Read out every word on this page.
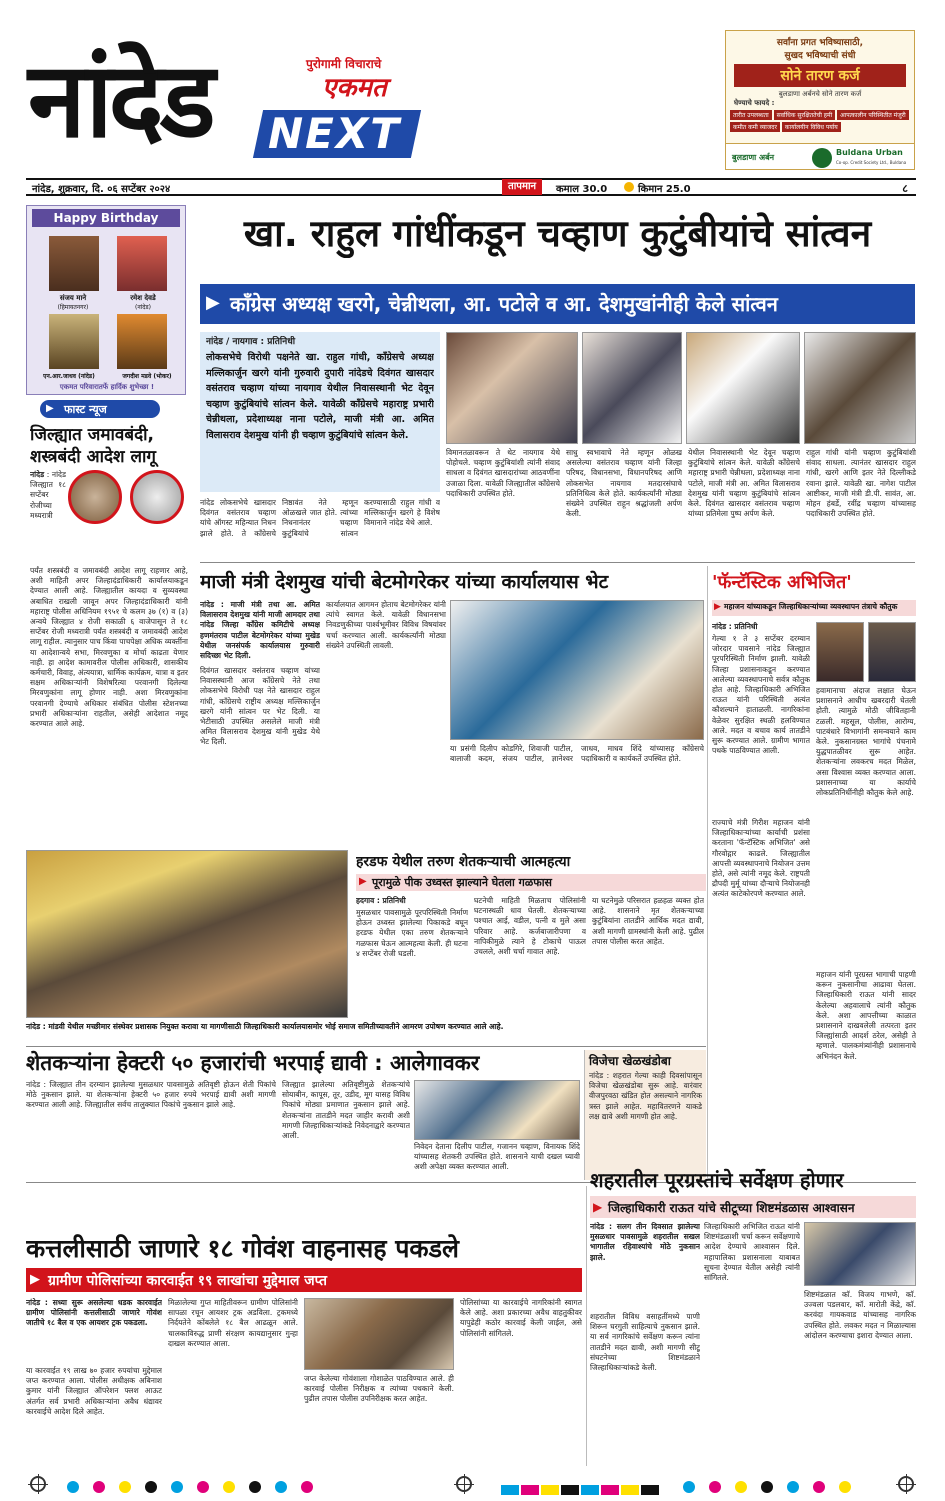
नांदेड	पुरोगामी विचाराचे
एकमत
NEXT
सर्वांना प्रगत भविष्यासाठी,
सुखद भविष्याची संधी
सोने तारण कर्ज
बुलडाणा अर्बनचे सोने तारण कर्ज
घेण्याचे फायदे :
तारीत उपलब्धता	सर्वाधिक सुरक्षिततेची हमी	आपत्कालीन परिस्थितीत मंजुरी
कमीत कमी व्याजदर	कार्यालयीन विविध पर्याय
बुलडाणा अर्बन
Buldana Urban
Co-op. Credit Society Ltd., Buldana
नांदेड, शुक्रवार, दि. ०६ सप्टेंबर २०२४	तापमान	कमाल 30.0	किमान 25.0	८
Happy Birthday
संजय माने
(हिमायतनगर)
रमेश देवडे
(नांदेड)
एन.आर.जाधव (नांदेड)	जगदीश मडवे (भोकर)
एकमत परिवारातर्फे हार्दिक शुभेच्छा !
▶ फास्ट न्यूज
जिल्ह्यात जमावबंदी, शस्त्रबंदी आदेश लागू
नांदेड : नांदेड जिल्ह्यात १८ सप्टेंबर रोजीच्या मध्यरात्री
पर्यंत शस्त्रबंदी व जमावबंदी आदेश लागू राहणार आहे, अशी माहिती अपर जिल्हादंडाधिकारी कार्यालयाकडून देण्यात आली आहे. जिल्ह्यातील कायदा व सुव्यवस्था अबाधित राखली जावून अपर जिल्हादंडाधिकारी यांनी महाराष्ट्र पोलीस अधिनियम १९५१ चे कलम ३७ (१) व (३) अन्वये जिल्ह्यात ४ रोजी सकाळी ६ वाजेपासून ते १८ सप्टेंबर रोजी मध्यरात्री पर्यंत शस्त्रबंदी व जमावबंदी आदेश लागू राहील. त्यानुसार पाच किंवा पाचपेक्षा अधिक व्यक्तींना या आदेशान्वये सभा, मिरवणुका व मोर्चा काढता येणार नाही. हा आदेश कामावरील पोलीस अधिकारी, शासकीय कर्मचारी, विवाह, अंत्ययात्रा, धार्मिक कार्यक्रम, यात्रा व इतर सक्षम अधिकाऱ्यांनी विशेषरित्या परवानगी दिलेल्या मिरवणुकांना लागू होणार नाही. अशा मिरवणुकांना परवानगी देण्याचे अधिकार संबंधित पोलीस स्टेशनच्या प्रभारी अधिकाऱ्यांना राहतील, असेही आदेशात नमूद करण्यात आले आहे.
खा. राहुल गांधींकडून चव्हाण कुटुंबीयांचे सांत्वन
▶ काँग्रेस अध्यक्ष खरगे, चेन्नीथला, आ. पटोले व आ. देशमुखांनीही केले सांत्वन
नांदेड / नायगाव : प्रतिनिधी
लोकसभेचे विरोधी पक्षनेते खा. राहुल गांधी, काँग्रेसचे अध्यक्ष मल्लिकार्जुन खरगे यांनी गुरुवारी दुपारी नांदेडचे दिवंगत खासदार वसंतराव चव्हाण यांच्या नायगाव येथील निवासस्थानी भेट देवून चव्हाण कुटुंबियांचे सांत्वन केले. यावेळी काँग्रेसचे महाराष्ट्र प्रभारी चेन्नीथला, प्रदेशाध्यक्ष नाना पटोले, माजी मंत्री आ. अमित विलासराव देशमुख यांनी ही चव्हाण कुटुंबियांचे सांत्वन केले.
नांदेड लोकसभेचे खासदार दिवंगत वसंतराव चव्हाण यांचे ऑगस्ट महिन्यात निधन झाले होते. ते काँग्रेसचे निष्ठावंत नेते म्हणून ओळखले जात होते. त्यांच्या निधनानंतर चव्हाण कुटुंबियांचे सांत्वन करण्यासाठी राहुल गांधी व मल्लिकार्जुन खरगे हे विशेष विमानाने नांदेड येथे आले.
विमानतळावरून ते थेट नायगाव येथे पोहोचले. चव्हाण कुटुंबियांशी त्यांनी संवाद साधला व दिवंगत खासदारांच्या आठवणींना उजाळा दिला. यावेळी जिल्ह्यातील काँग्रेसचे पदाधिकारी उपस्थित होते.
साधु स्वभावाचे नेते म्हणून ओळख असलेल्या वसंतराव चव्हाण यांनी जिल्हा परिषद, विधानसभा, विधानपरिषद आणि लोकसभेत नायगाव मतदारसंघाचे प्रतिनिधित्व केले होते. कार्यकर्त्यांनी मोठ्या संख्येने उपस्थित राहून श्रद्धांजली अर्पण केली.
येथील निवासस्थानी भेट देवून चव्हाण कुटुंबियांचे सांत्वन केले. यावेळी काँग्रेसचे महाराष्ट्र प्रभारी चेन्नीथला, प्रदेशाध्यक्ष नाना पटोले, माजी मंत्री आ. अमित विलासराव देशमुख यांनी चव्हाण कुटुंबियांचे सांत्वन केले. दिवंगत खासदार वसंतराव चव्हाण यांच्या प्रतिमेला पुष्प अर्पण केले.
राहुल गांधी यांनी चव्हाण कुटुंबियांशी संवाद साधला. त्यानंतर खासदार राहुल गांधी, खरगे आणि इतर नेते दिल्लीकडे रवाना झाले. यावेळी खा. नागेश पाटील आष्टीकर, माजी मंत्री डी.पी. सावंत, आ. मोहन हंबर्डे, रवींद्र चव्हाण यांच्यासह पदाधिकारी उपस्थित होते.
माजी मंत्री देशमुख यांची बेटमोगरेकर यांच्या कार्यालयास भेट
नांदेड : माजी मंत्री तथा आ. अमित विलासराव देशमुख यांनी माजी आमदार तथा नांदेड जिल्हा काँग्रेस कमिटीचे अध्यक्ष हणमंतराव पाटील बेटमोगरेकर यांच्या मुखेड येथील जनसंपर्क कार्यालयास गुरुवारी सदिच्छा भेट दिली.
दिवंगत खासदार वसंतराव चव्हाण यांच्या निवासस्थानी आज काँग्रेसचे नेते तथा लोकसभेचे विरोधी पक्ष नेते खासदार राहुल गांधी, काँग्रेसचे राष्ट्रीय अध्यक्ष मल्लिकार्जुन खरगे यांनी सांत्वन पर भेट दिली. या भेटीसाठी उपस्थित असलेले माजी मंत्री अमित विलासराव देशमुख यांनी मुखेड येथे भेट दिली.
कार्यालयात आगमन होताच बेटमोगरेकर यांनी त्यांचे स्वागत केले. यावेळी विधानसभा निवडणुकीच्या पार्श्वभूमीवर विविध विषयांवर चर्चा करण्यात आली. कार्यकर्त्यांनी मोठ्या संख्येने उपस्थिती लावली.
या प्रसंगी दिलीप कोडगिरे, शिवाजी पाटील, बालाजी कदम, संजय पाटील, ज्ञानेश्वर जाधव, माधव शिंदे यांच्यासह काँग्रेसचे पदाधिकारी व कार्यकर्ते उपस्थित होते.
'फॅन्टॅस्टिक अभिजित'
▶ महाजन यांच्याकडून जिल्हाधिकाऱ्यांच्या व्यवस्थापन तंत्राचे कौतुक
नांदेड : प्रतिनिधी
गेल्या १ ते ३ सप्टेंबर दरम्यान जोरदार पावसाने नांदेड जिल्ह्यात पूरपरिस्थिती निर्माण झाली. यावेळी जिल्हा प्रशासनाकडून करण्यात आलेल्या व्यवस्थापनाचे सर्वत्र कौतुक होत आहे. जिल्हाधिकारी अभिजित राऊत यांनी परिस्थिती अत्यंत कौशल्याने हाताळली. नागरिकांना वेळेवर सुरक्षित स्थळी हलविण्यात आले. मदत व बचाव कार्य तातडीने सुरू करण्यात आले. ग्रामीण भागात पथके पाठविण्यात आली.
राज्याचे मंत्री गिरीश महाजन यांनी जिल्हाधिकाऱ्यांच्या कार्याची प्रशंसा करताना 'फॅन्टॅस्टिक अभिजित' असे गौरवोद्गार काढले. जिल्ह्यातील आपत्ती व्यवस्थापनाचे नियोजन उत्तम होते, असे त्यांनी नमूद केले. राष्ट्रपती द्रौपदी मुर्मू यांच्या दौऱ्याचे नियोजनही अत्यंत काटेकोरपणे करण्यात आले.
हवामानाचा अंदाज लक्षात घेऊन प्रशासनाने आधीच खबरदारी घेतली होती. त्यामुळे मोठी जीवितहानी टळली. महसूल, पोलीस, आरोग्य, पाटबंधारे विभागांनी समन्वयाने काम केले. नुकसानग्रस्त भागांचे पंचनामे युद्धपातळीवर सुरू आहेत. शेतकऱ्यांना लवकरच मदत मिळेल, असा विश्वास व्यक्त करण्यात आला. प्रशासनाच्या या कार्याचे लोकप्रतिनिधींनीही कौतुक केले आहे.
महाजन यांनी पूरग्रस्त भागाची पाहणी करून नुकसानीचा आढावा घेतला. जिल्हाधिकारी राऊत यांनी सादर केलेल्या अहवालाचे त्यांनी कौतुक केले. अशा आपत्तीच्या काळात प्रशासनाने दाखवलेली तत्परता इतर जिल्ह्यांसाठी आदर्श ठरेल, असेही ते म्हणाले. पालकमंत्र्यांनीही प्रशासनाचे अभिनंदन केले.
नांदेड : मांडवी येथील मच्छीमार संस्थेवर प्रशासक नियुक्त करावा या मागणीसाठी जिल्हाधिकारी कार्यालयासमोर भोई समाज समितीच्यावतीने आमरण उपोषण करण्यात आले आहे.
हरडफ येथील तरुण शेतकऱ्याची आत्महत्या
▶ पूरामुळे पीक उध्वस्त झाल्याने घेतला गळफास
हदगाव : प्रतिनिधी
मुसळधार पावसामुळे पूरपरिस्थिती निर्माण होऊन उध्वस्त झालेल्या पिकाकडे बघून हरडफ येथील एका तरुण शेतकऱ्याने गळफास घेऊन आत्महत्या केली. ही घटना ४ सप्टेंबर रोजी घडली.
घटनेची माहिती मिळताच पोलिसांनी घटनास्थळी धाव घेतली. शेतकऱ्याच्या पश्चात आई, वडील, पत्नी व मुले असा परिवार आहे. कर्जबाजारीपणा व नापिकीमुळे त्याने हे टोकाचे पाऊल उचलले, अशी चर्चा गावात आहे.
या घटनेमुळे परिसरात हळहळ व्यक्त होत आहे. शासनाने मृत शेतकऱ्याच्या कुटुंबियांना तातडीने आर्थिक मदत द्यावी, अशी मागणी ग्रामस्थांनी केली आहे. पुढील तपास पोलीस करत आहेत.
शेतकऱ्यांना हेक्टरी ५० हजारांची भरपाई द्यावी : आलेगावकर
नांदेड : जिल्ह्यात तीन दरम्यान झालेल्या मुसळधार पावसामुळे अतिवृष्टी होऊन शेती पिकांचे मोठे नुकसान झाले. या शेतकऱ्यांना हेक्टरी ५० हजार रुपये भरपाई द्यावी अशी मागणी करण्यात आली आहे. जिल्ह्यातील सर्वच तालुक्यात पिकांचे नुकसान झाले आहे.
जिल्ह्यात झालेल्या अतिवृष्टीमुळे शेतकऱ्यांचे सोयाबीन, कापूस, तूर, उडीद, मूग यासह विविध पिकांचे मोठ्या प्रमाणात नुकसान झाले आहे. शेतकऱ्यांना तातडीने मदत जाहीर करावी अशी मागणी जिल्हाधिकाऱ्यांकडे निवेदनाद्वारे करण्यात आली.
निवेदन देताना दिलीप पाटील, गजानन चव्हाण, विनायक शिंदे यांच्यासह शेतकरी उपस्थित होते. शासनाने याची दखल घ्यावी अशी अपेक्षा व्यक्त करण्यात आली.
विजेचा खेळखंडोबा
नांदेड : शहरात गेल्या काही दिवसांपासून विजेचा खेळखंडोबा सुरू आहे. वारंवार वीजपुरवठा खंडित होत असल्याने नागरिक त्रस्त झाले आहेत. महावितरणने याकडे लक्ष द्यावे अशी मागणी होत आहे.
शहरातील पूरग्रस्तांचे सर्वेक्षण होणार
▶ जिल्हाधिकारी राऊत यांचे सीटूच्या शिष्टमंडळास आश्वासन
नांदेड : सलग तीन दिवसात झालेल्या मुसळधार पावसामुळे शहरातील सखल भागातील रहिवाश्यांचे मोठे नुकसान झाले.
शहरातील विविध वसाहतींमध्ये पाणी शिरून घरगुती साहित्याचे नुकसान झाले. या सर्व नागरिकांचे सर्वेक्षण करून त्यांना तातडीने मदत द्यावी, अशी मागणी सीटू संघटनेच्या शिष्टमंडळाने जिल्हाधिकाऱ्यांकडे केली.
जिल्हाधिकारी अभिजित राऊत यांनी शिष्टमंडळाशी चर्चा करून सर्वेक्षणाचे आदेश देण्याचे आश्वासन दिले. महापालिका प्रशासनाला याबाबत सूचना देण्यात येतील असेही त्यांनी सांगितले.
शिष्टमंडळात कॉ. विजय गाभणे, कॉ. उज्वला पडलवार, कॉ. मारोती केंद्रे, कॉ. करवंदा गायकवाड यांच्यासह नागरिक उपस्थित होते. लवकर मदत न मिळाल्यास आंदोलन करण्याचा इशारा देण्यात आला.
कत्तलीसाठी जाणारे १८ गोवंश वाहनासह पकडले
▶ ग्रामीण पोलिसांच्या कारवाईत १९ लाखांचा मुद्देमाल जप्त
नांदेड : सध्या सुरू असलेल्या धडक कारवाईत ग्रामीण पोलिसांनी कत्तलीसाठी जाणारे गोवंश जातीचे १८ बैल व एक आयशर ट्रक पकडला.
या कारवाईत १९ लाख ७० हजार रुपयांचा मुद्देमाल जप्त करण्यात आला. पोलीस अधीक्षक अबिनाश कुमार यांनी जिल्ह्यात ऑपरेशन फ्लश आऊट अंतर्गत सर्व प्रभारी अधिकाऱ्यांना अवैध धंद्यावर कारवाईचे आदेश दिले आहेत.
मिळालेल्या गुप्त माहितीवरून ग्रामीण पोलिसांनी सापळा रचून आयशर ट्रक अडविला. ट्रकमध्ये निर्दयतेने कोंबलेले १८ बैल आढळून आले. चालकाविरुद्ध प्राणी संरक्षण कायद्यानुसार गुन्हा दाखल करण्यात आला.
जप्त केलेल्या गोवंशाला गोशाळेत पाठविण्यात आले. ही कारवाई पोलीस निरीक्षक व त्यांच्या पथकाने केली. पुढील तपास पोलीस उपनिरीक्षक करत आहेत.
पोलिसांच्या या कारवाईचे नागरिकांनी स्वागत केले आहे. अशा प्रकारच्या अवैध वाहतुकीवर यापुढेही कठोर कारवाई केली जाईल, असे पोलिसांनी सांगितले.
